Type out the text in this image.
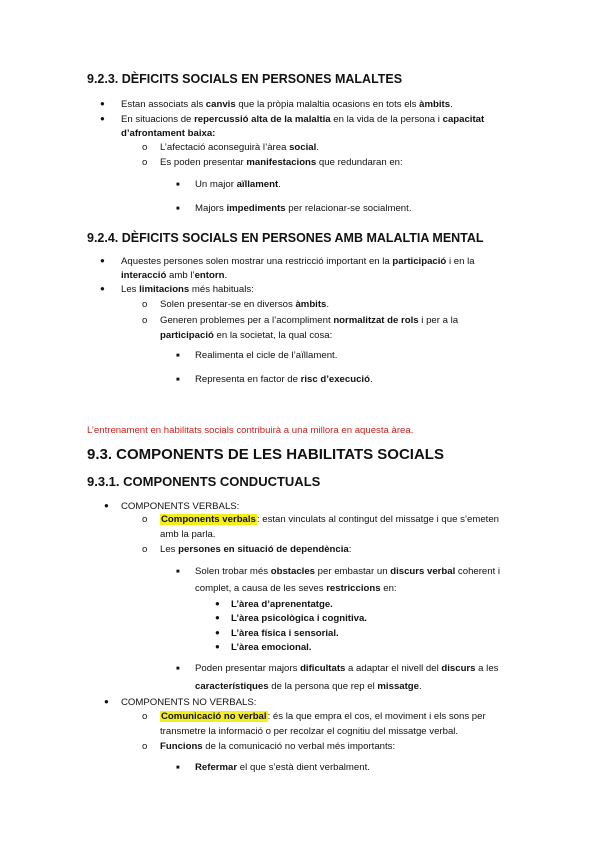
9.2.3. DÈFICITS SOCIALS EN PERSONES MALALTES
● Estan associats als canvis que la pròpia malaltia ocasions en tots els àmbits.
● En situacions de repercussió alta de la malaltia en la vida de la persona i capacitat
d’afrontament baixa:
o L’afectació aconseguirà l’àrea social.
o Es poden presentar manifestacions que redundaran en:
■ Un major aïllament.
■ Majors impediments per relacionar-se socialment.
9.2.4. DÈFICITS SOCIALS EN PERSONES AMB MALALTIA MENTAL
● Aquestes persones solen mostrar una restricció important en la participació i en la
interacció amb l’entorn.
● Les limitacions més habituals:
o Solen presentar-se en diversos àmbits.
o Generen problemes per a l’acompliment normalitzat de rols i per a la
participació en la societat, la qual cosa:
■ Realimenta el cicle de l’aïllament.
■ Representa en factor de risc d’execució.
L’entrenament en habilitats socials contribuirà a una millora en aquesta àrea.
9.3. COMPONENTS DE LES HABILITATS SOCIALS
9.3.1. COMPONENTS CONDUCTUALS
● COMPONENTS VERBALS:
o Components verbals: estan vinculats al contingut del missatge i que s’emeten
amb la parla.
o Les persones en situació de dependència:
■ Solen trobar més obstacles per embastar un discurs verbal coherent i
complet, a causa de les seves restriccions en:
● L’àrea d’aprenentatge.
● L’àrea psicològica i cognitiva.
● L’àrea física i sensorial.
● L’àrea emocional.
■ Poden presentar majors dificultats a adaptar el nivell del discurs a les
característiques de la persona que rep el missatge.
● COMPONENTS NO VERBALS:
o Comunicació no verbal: és la que empra el cos, el moviment i els sons per
transmetre la informació o per recolzar el cognitiu del missatge verbal.
o Funcions de la comunicació no verbal més importants:
■ Refermar el que s’està dient verbalment.
